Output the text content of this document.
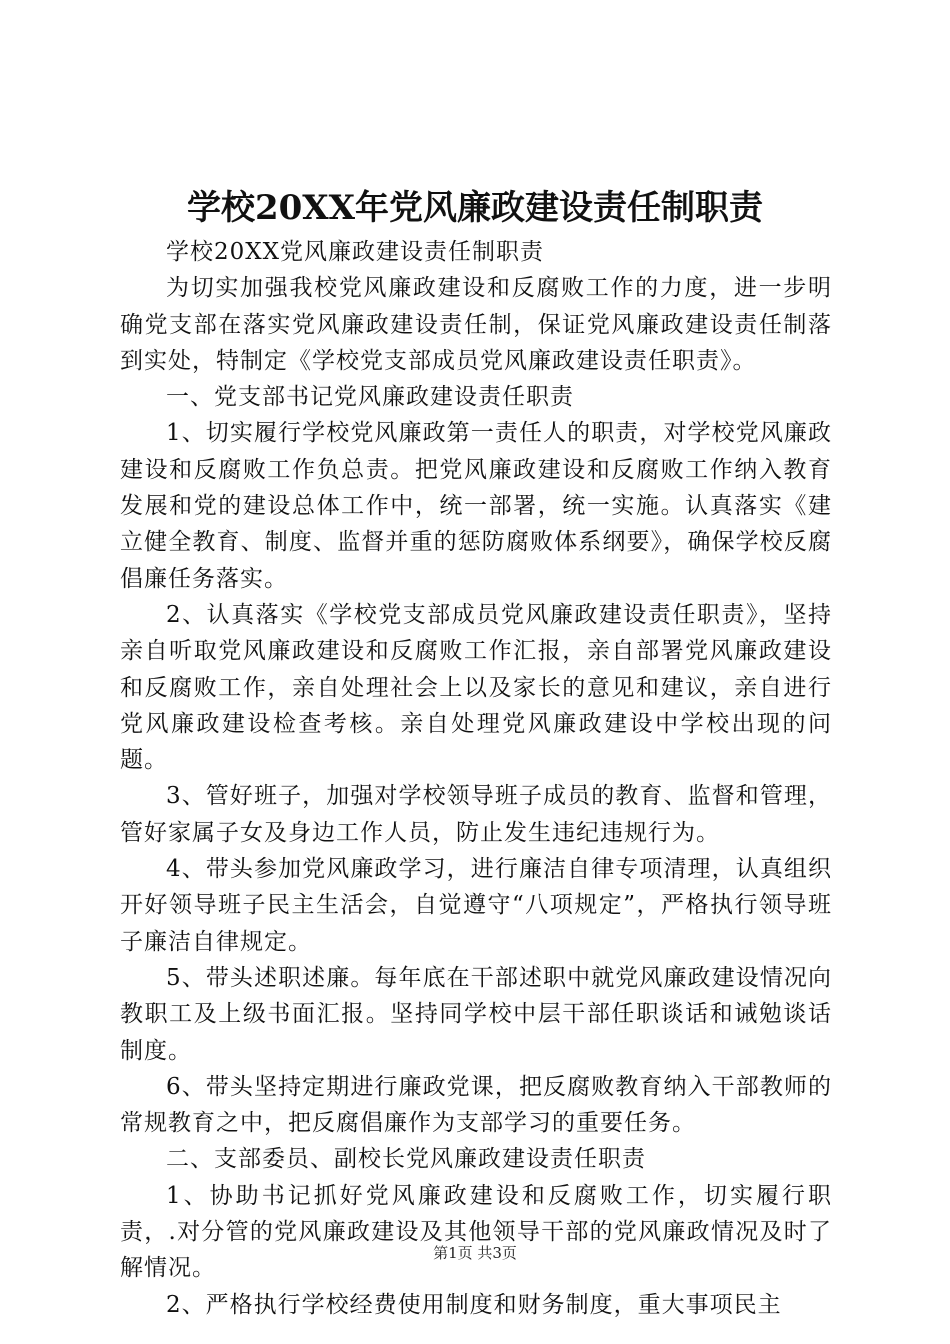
学校20XX年党风廉政建设责任制职责

学校20XX党风廉政建设责任制职责

为切实加强我校党风廉政建设和反腐败工作的力度，进一步明确党支部在落实党风廉政建设责任制，保证党风廉政建设责任制落到实处，特制定《学校党支部成员党风廉政建设责任职责》。

一、党支部书记党风廉政建设责任职责

1、切实履行学校党风廉政第一责任人的职责，对学校党风廉政建设和反腐败工作负总责。把党风廉政建设和反腐败工作纳入教育发展和党的建设总体工作中，统一部署，统一实施。认真落实《建立健全教育、制度、监督并重的惩防腐败体系纲要》，确保学校反腐倡廉任务落实。

2、认真落实《学校党支部成员党风廉政建设责任职责》，坚持亲自听取党风廉政建设和反腐败工作汇报，亲自部署党风廉政建设和反腐败工作，亲自处理社会上以及家长的意见和建议，亲自进行党风廉政建设检查考核。亲自处理党风廉政建设中学校出现的问题。

3、管好班子，加强对学校领导班子成员的教育、监督和管理，管好家属子女及身边工作人员，防止发生违纪违规行为。

4、带头参加党风廉政学习，进行廉洁自律专项清理，认真组织开好领导班子民主生活会，自觉遵守“八项规定”，严格执行领导班子廉洁自律规定。

5、带头述职述廉。每年底在干部述职中就党风廉政建设情况向教职工及上级书面汇报。坚持同学校中层干部任职谈话和诫勉谈话制度。

6、带头坚持定期进行廉政党课，把反腐败教育纳入干部教师的常规教育之中，把反腐倡廉作为支部学习的重要任务。

二、支部委员、副校长党风廉政建设责任职责

1、协助书记抓好党风廉政建设和反腐败工作，切实履行职责，.对分管的党风廉政建设及其他领导干部的党风廉政情况及时了解情况。

2、严格执行学校经费使用制度和财务制度，重大事项民主

第1页 共3页
